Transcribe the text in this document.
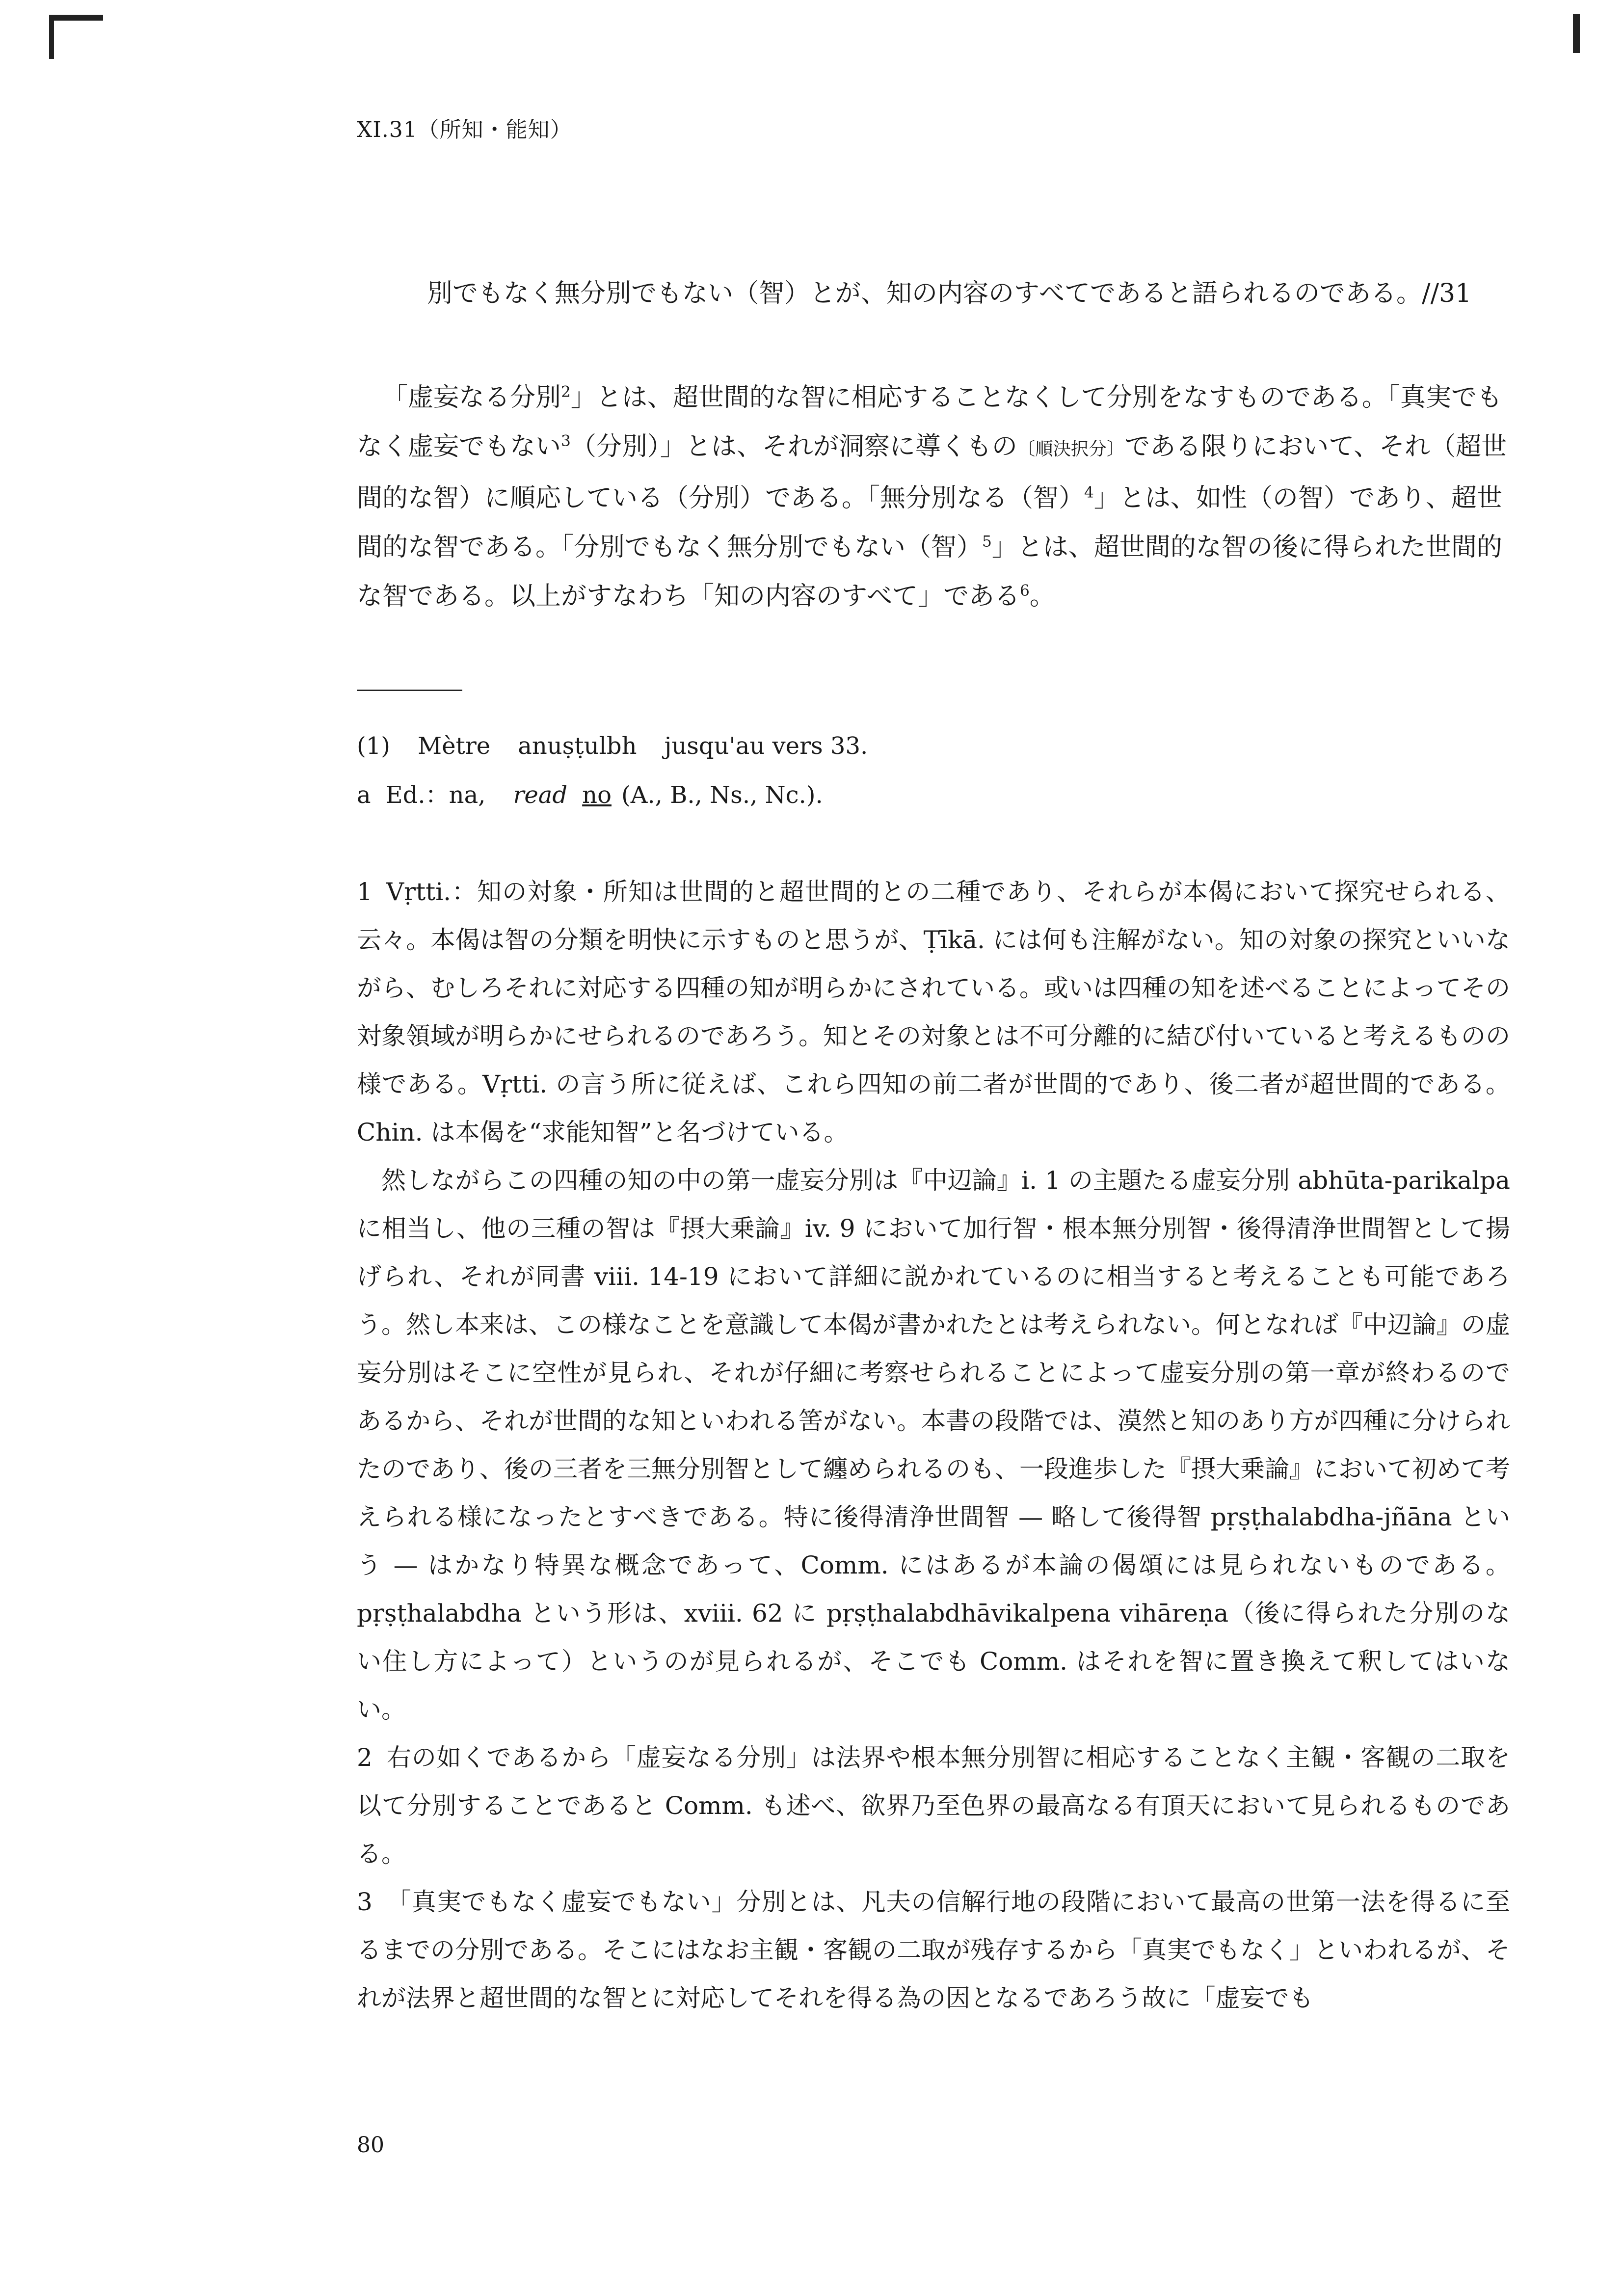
XI.31（所知・能知）
別でもなく無分別でもない（智）とが、知の内容のすべてであると語られるのである。//31

「虚妄なる分別$^2$」とは、超世間的な智に相応することなくして分別をなすものである。「真実でもなく虚妄でもない$^3$（分別）」とは、それが洞察に導くもの〔順決択分〕である限りにおいて、それ（超世間的な智）に順応している（分別）である。「無分別なる（智）$^4$」とは、如性（の智）であり、超世間的な智である。「分別でもなく無分別でもない（智）$^5$」とは、超世間的な智の後に得られた世間的な智である。以上がすなわち「知の内容のすべて」である$^6$。

(1) Mètre anuṣṭulbh jusqu'au vers 33.
a Ed.：na, read no (A., B., Ns., Nc.).

1 Vṛtti.：知の対象・所知は世間的と超世間的との二種であり、それらが本偈において探究せられる、云々。本偈は智の分類を明快に示すものと思うが、Ṭīkā. には何も注解がない。知の対象の探究といいながら、むしろそれに対応する四種の知が明らかにされている。或いは四種の知を述べることによってその対象領域が明らかにせられるのであろう。知とその対象とは不可分離的に結び付いていると考えるものの様である。Vṛtti. の言う所に従えば、これら四知の前二者が世間的であり、後二者が超世間的である。Chin. は本偈を“求能知智”と名づけている。

然しながらこの四種の知の中の第一虚妄分別は『中辺論』i. 1 の主題たる虚妄分別 abhūta-parikalpa に相当し、他の三種の智は『摂大乗論』iv. 9 において加行智・根本無分別智・後得清浄世間智として揚げられ、それが同書 viii. 14-19 において詳細に説かれているのに相当すると考えることも可能であろう。然し本来は、この様なことを意識して本偈が書かれたとは考えられない。何となれば『中辺論』の虚妄分別はそこに空性が見られ、それが仔細に考察せられることによって虚妄分別の第一章が終わるのであるから、それが世間的な知といわれる筈がない。本書の段階では、漠然と知のあり方が四種に分けられたのであり、後の三者を三無分別智として纏められるのも、一段進歩した『摂大乗論』において初めて考えられる様になったとすべきである。特に後得清浄世間智 — 略して後得智 pṛṣṭhalabdha-jñāna という — はかなり特異な概念であって、Comm. にはあるが本論の偈頌には見られないものである。pṛṣṭhalabdha という形は、xviii. 62 に pṛṣṭhalabdhāvikalpena vihāreṇa（後に得られた分別のない住し方によって）というのが見られるが、そこでも Comm. はそれを智に置き換えて釈してはいない。

2 右の如くであるから「虚妄なる分別」は法界や根本無分別智に相応することなく主観・客観の二取を以て分別することであると Comm. も述べ、欲界乃至色界の最高なる有頂天において見られるものである。

3 「真実でもなく虚妄でもない」分別とは、凡夫の信解行地の段階において最高の世第一法を得るに至るまでの分別である。そこにはなお主観・客観の二取が残存するから「真実でもなく」といわれるが、それが法界と超世間的な智とに対応してそれを得る為の因となるであろう故に「虚妄でも

80
